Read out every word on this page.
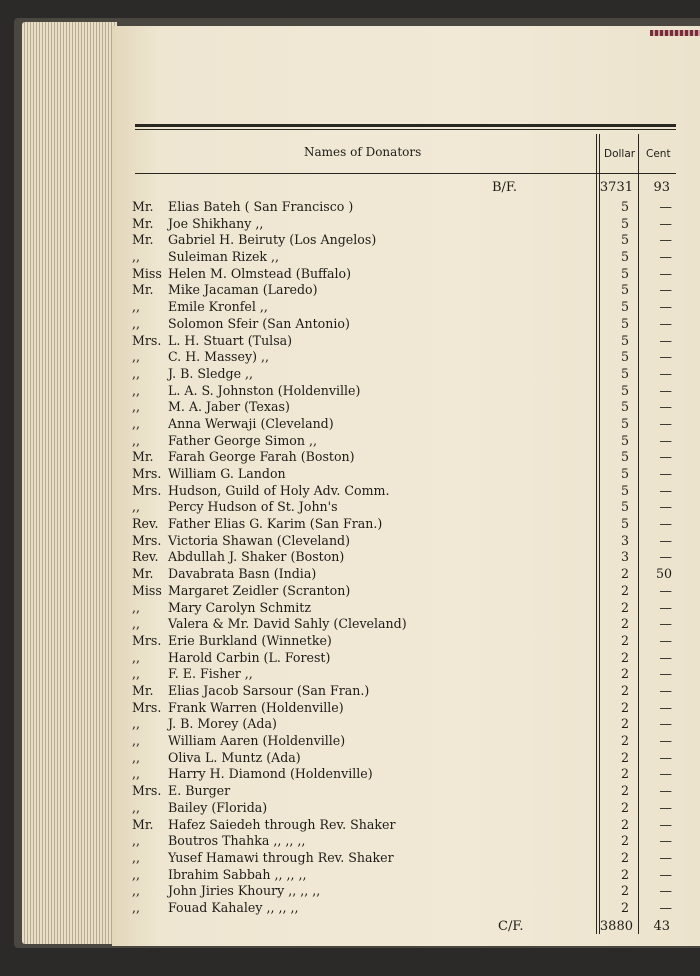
Names of Donators	Dollar Cent
B/F.	3731	93
Mr. Elias Bateh ( San Francisco )	5	—
Mr. Joe Shikhany ,,	5	—
Mr. Gabriel H. Beiruty (Los Angelos)	5	—
,, Suleiman Rizek ,,	5	—
Miss Helen M. Olmstead (Buffalo)	5	—
Mr. Mike Jacaman (Laredo)	5	—
,, Emile Kronfel ,,	5	—
,, Solomon Sfeir (San Antonio)	5	—
Mrs. L. H. Stuart (Tulsa)	5	—
,, C. H. Massey) ,,	5	—
,, J. B. Sledge ,,	5	—
,, L. A. S. Johnston (Holdenville)	5	—
,, M. A. Jaber (Texas)	5	—
,, Anna Werwaji (Cleveland)	5	—
,, Father George Simon ,,	5	—
Mr. Farah George Farah (Boston)	5	—
Mrs. William G. Landon	5	—
Mrs. Hudson, Guild of Holy Adv. Comm.	5	—
,, Percy Hudson of St. John's	5	—
Rev. Father Elias G. Karim (San Fran.)	5	—
Mrs. Victoria Shawan (Cleveland)	3	—
Rev. Abdullah J. Shaker (Boston)	3	—
Mr. Davabrata Basn (India)	2	50
Miss Margaret Zeidler (Scranton)	2	—
,, Mary Carolyn Schmitz	2	—
,, Valera & Mr. David Sahly (Cleveland)	2	—
Mrs. Erie Burkland (Winnetke)	2	—
,, Harold Carbin (L. Forest)	2	—
,, F. E. Fisher ,,	2	—
Mr. Elias Jacob Sarsour (San Fran.)	2	—
Mrs. Frank Warren (Holdenville)	2	—
,, J. B. Morey (Ada)	2	—
,, William Aaren (Holdenville)	2	—
,, Oliva L. Muntz (Ada)	2	—
,, Harry H. Diamond (Holdenville)	2	—
Mrs. E. Burger	2	—
,, Bailey (Florida)	2	—
Mr. Hafez Saiedeh through Rev. Shaker	2	—
,, Boutros Thahka ,, ,, ,,	2	—
,, Yusef Hamawi through Rev. Shaker	2	—
,, Ibrahim Sabbah ,, ,, ,,	2	—
,, John Jiries Khoury ,, ,, ,,	2	—
,, Fouad Kahaley ,, ,, ,,	2	—
C/F.	3880	43
